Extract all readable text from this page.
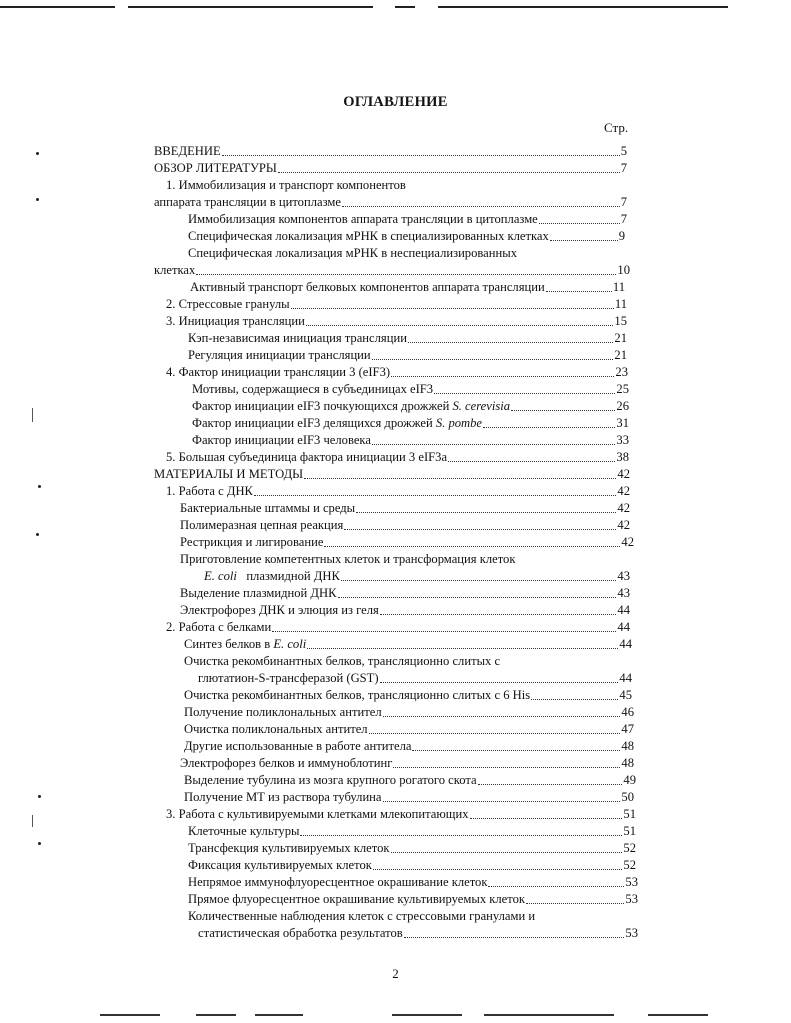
ОГЛАВЛЕНИЕ
Стр.
ВВЕДЕНИЕ	5
ОБЗОР ЛИТЕРАТУРЫ	7
1. Иммобилизация и транспорт компонентов
аппарата трансляции в цитоплазме	7
Иммобилизация компонентов аппарата трансляции в цитоплазме	7
Специфическая локализация мРНК в специализированных клетках	9
Специфическая локализация мРНК в неспециализированных
клетках	10
Активный транспорт белковых компонентов аппарата трансляции	11
2. Стрессовые гранулы	11
3. Инициация трансляции	15
Кэп-независимая инициация трансляции	21
Регуляция инициации трансляции	21
4. Фактор инициации трансляции 3 (eIF3)	23
Мотивы, содержащиеся в субъединицах eIF3	25
Фактор инициации eIF3 почкующихся дрожжей S. cerevisia	26
Фактор инициации eIF3 делящихся дрожжей S. pombe	31
Фактор инициации eIF3 человека	33
5. Большая субъединица фактора инициации 3 eIF3a	38
МАТЕРИАЛЫ И МЕТОДЫ	42
1. Работа с ДНК	42
Бактериальные штаммы и среды	42
Полимеразная цепная реакция	42
Рестрикция и лигирование	42
Приготовление компетентных клеток и трансформация клеток
E. coli   плазмидной ДНК	43
Выделение плазмидной ДНК	43
Электрофорез ДНК и элюция из геля	44
2. Работа с белками	44
Синтез белков в E. coli	44
Очистка рекомбинантных белков, трансляционно слитых с
глютатион-S-трансферазой (GST)	44
Очистка рекомбинантных белков, трансляционно слитых с 6 His	45
Получение поликлональных антител	46
Очистка поликлональных антител	47
Другие использованные в работе антитела	48
Электрофорез белков и иммуноблотинг	48
Выделение тубулина из мозга крупного рогатого скота	49
Получение МТ из раствора тубулина	50
3. Работа с культивируемыми клетками млекопитающих	51
Клеточные культуры	51
Трансфекция культивируемых клеток	52
Фиксация культивируемых клеток	52
Непрямое иммунофлуоресцентное окрашивание клеток	53
Прямое флуоресцентное окрашивание культивируемых клеток	53
Количественные наблюдения клеток с стрессовыми гранулами и
статистическая обработка результатов	53
2
